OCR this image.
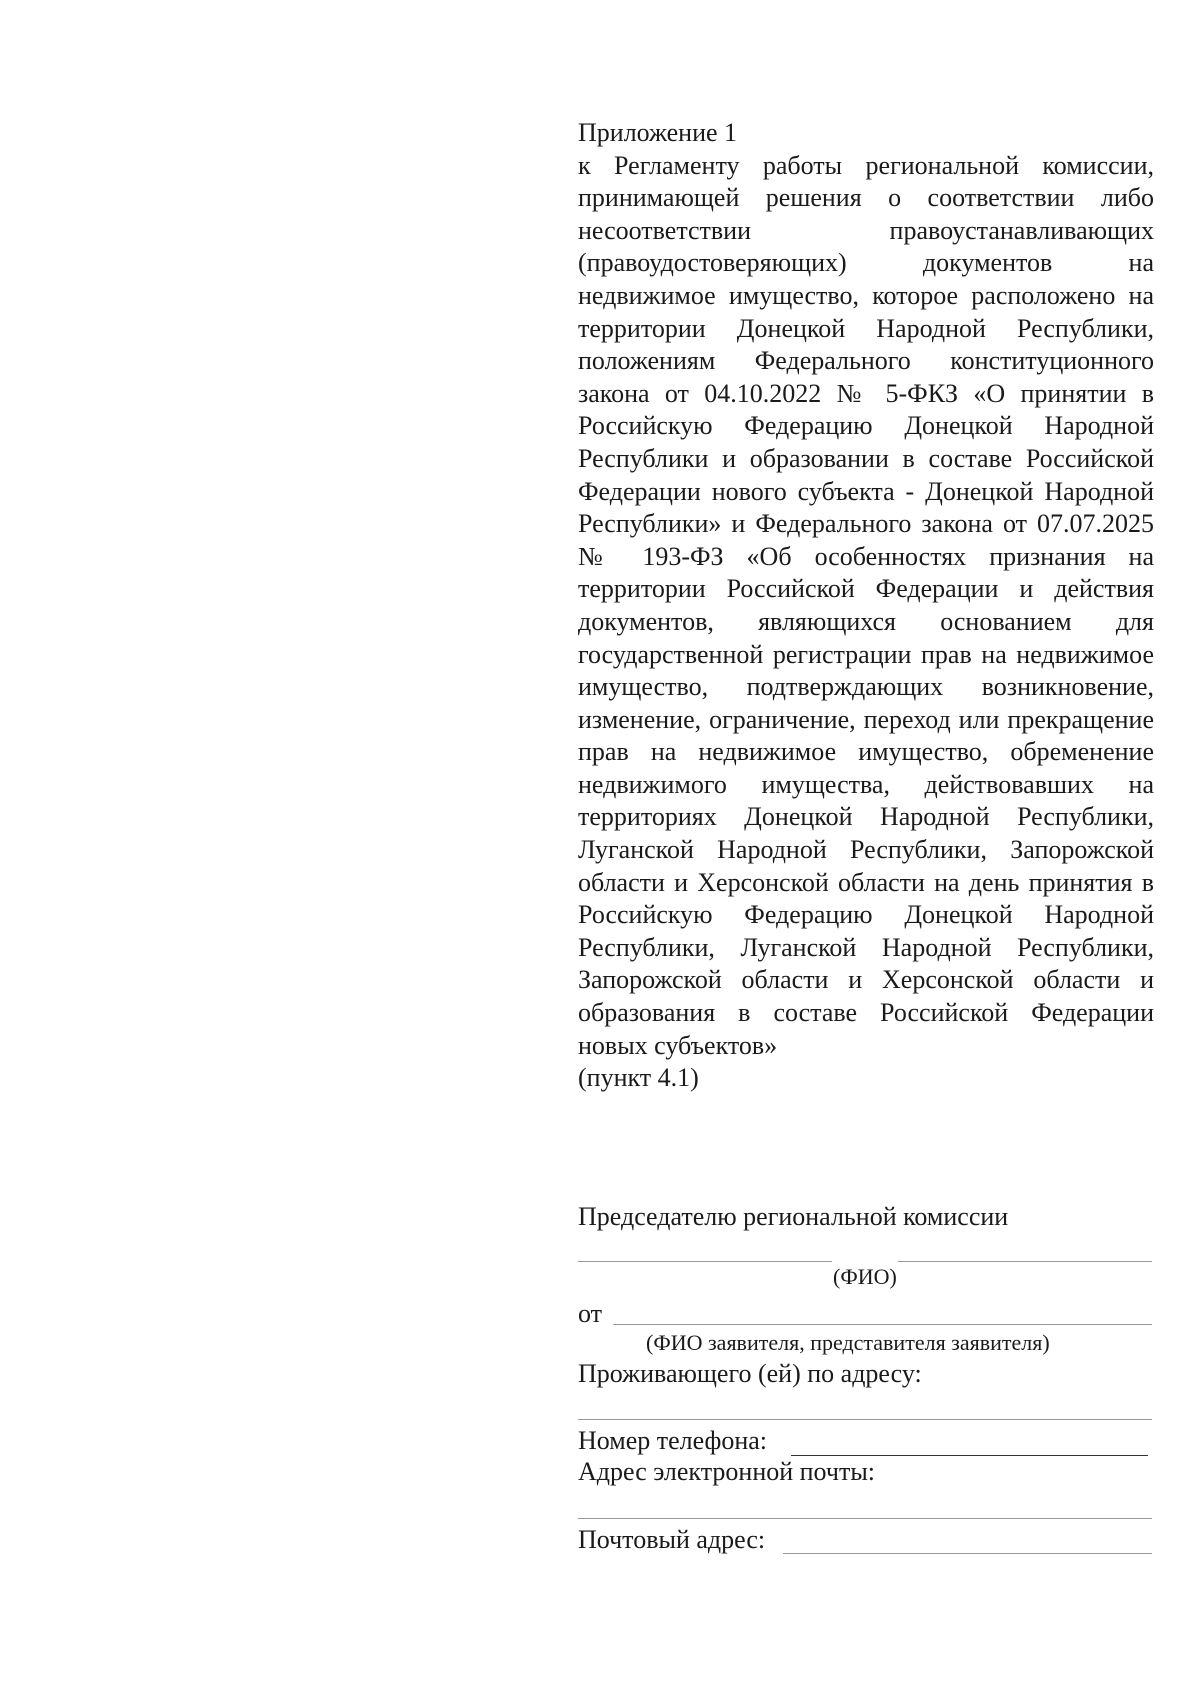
Приложение 1

к Регламенту работы региональной комиссии, принимающей решения о соответствии либо несоответствии правоустанавливающих (правоудостоверяющих) документов на недвижимое имущество, которое расположено на территории Донецкой Народной Республики, положениям Федерального конституционного закона от 04.10.2022 № 5-ФКЗ «О принятии в Российскую Федерацию Донецкой Народной Республики и образовании в составе Российской Федерации нового субъекта - Донецкой Народной Республики» и Федерального закона от 07.07.2025 № 193-ФЗ «Об особенностях признания на территории Российской Федерации и действия документов, являющихся основанием для государственной регистрации прав на недвижимое имущество, подтверждающих возникновение, изменение, ограничение, переход или прекращение прав на недвижимое имущество, обременение недвижимого имущества, действовавших на территориях Донецкой Народной Республики, Луганской Народной Республики, Запорожской области и Херсонской области на день принятия в Российскую Федерацию Донецкой Народной Республики, Луганской Народной Республики, Запорожской области и Херсонской области и образования в составе Российской Федерации новых субъектов»

(пункт 4.1)

Председателю региональной комиссии
(ФИО)
от
(ФИО заявителя, представителя заявителя)
Проживающего (ей) по адресу:
Номер телефона:
Адрес электронной почты:
Почтовый адрес:
